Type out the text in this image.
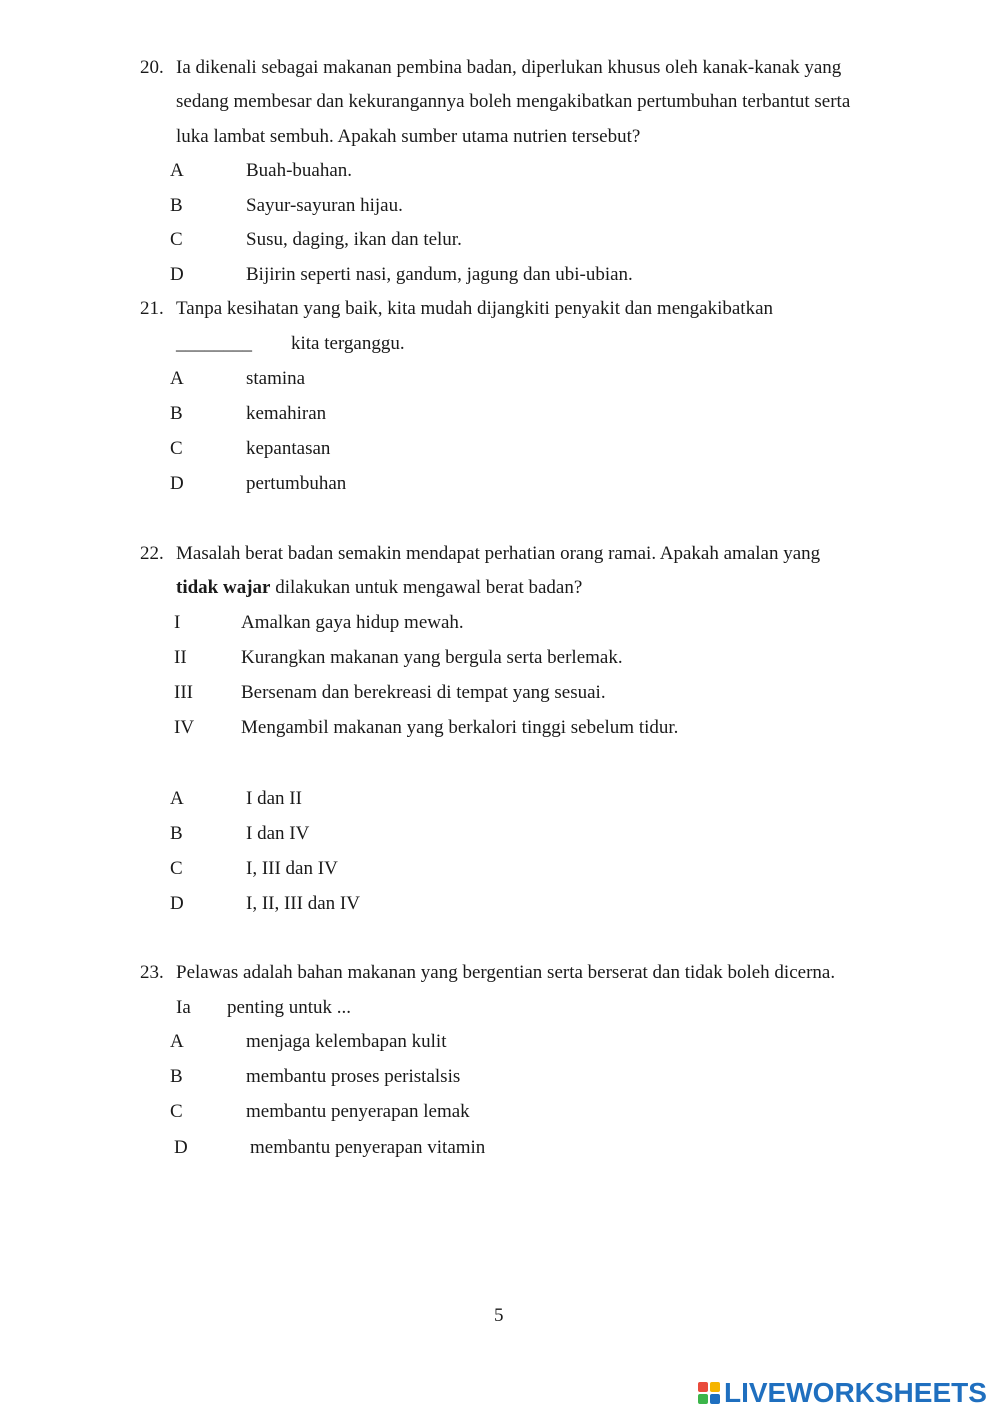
20. Ia dikenali sebagai makanan pembina badan, diperlukan khusus oleh kanak-kanak yang
sedang membesar dan kekurangannya boleh mengakibatkan pertumbuhan terbantut serta
luka lambat sembuh. Apakah sumber utama nutrien tersebut?
A	Buah-buahan.
B	Sayur-sayuran hijau.
C	Susu, daging, ikan dan telur.
D	Bijirin seperti nasi, gandum, jagung dan ubi-ubian.
21. Tanpa kesihatan yang baik, kita mudah dijangkiti penyakit dan mengakibatkan
________ kita terganggu.
A	stamina
B	kemahiran
C	kepantasan
D	pertumbuhan
22. Masalah berat badan semakin mendapat perhatian orang ramai. Apakah amalan yang
tidak wajar dilakukan untuk mengawal berat badan?
I	Amalkan gaya hidup mewah.
II	Kurangkan makanan yang bergula serta berlemak.
III	Bersenam dan berekreasi di tempat yang sesuai.
IV Mengambil makanan yang berkalori tinggi sebelum tidur.
A	I dan II
B	I dan IV
C	I, III dan IV
D	I, II, III dan IV
23. Pelawas adalah bahan makanan yang bergentian serta berserat dan tidak boleh dicerna.
Ia penting untuk ...
A	menjaga kelembapan kulit
B	membantu proses peristalsis
C	membantu penyerapan lemak
D	membantu penyerapan vitamin
5
LIVEWORKSHEETS
